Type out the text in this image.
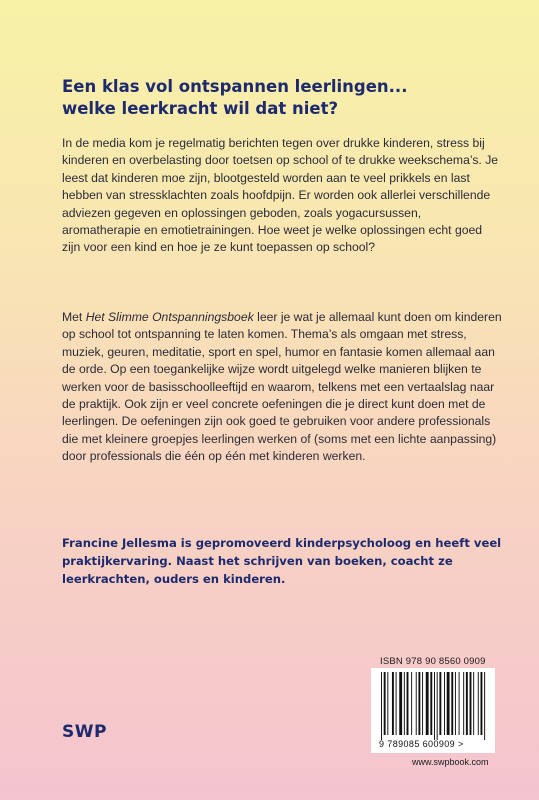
Een klas vol ontspannen leerlingen...
welke leerkracht wil dat niet?

In de media kom je regelmatig berichten tegen over drukke kinderen, stress bij kinderen en overbelasting door toetsen op school of te drukke weekschema’s. Je leest dat kinderen moe zijn, blootgesteld worden aan te veel prikkels en last hebben van stressklachten zoals hoofdpijn. Er worden ook allerlei verschillende adviezen gegeven en oplossingen geboden, zoals yogacursussen, aromatherapie en emotietrainingen. Hoe weet je welke oplossingen echt goed zijn voor een kind en hoe je ze kunt toepassen op school?

Met Het Slimme Ontspanningsboek leer je wat je allemaal kunt doen om kinderen op school tot ontspanning te laten komen. Thema’s als omgaan met stress, muziek, geuren, meditatie, sport en spel, humor en fantasie komen allemaal aan de orde. Op een toegankelijke wijze wordt uitgelegd welke manieren blijken te werken voor de basisschoolleeftijd en waarom, telkens met een vertaalslag naar de praktijk. Ook zijn er veel concrete oefeningen die je direct kunt doen met de leerlingen. De oefeningen zijn ook goed te gebruiken voor andere professionals die met kleinere groepjes leerlingen werken of (soms met een lichte aanpassing) door professionals die één op één met kinderen werken.

Francine Jellesma is gepromoveerd kinderpsycholoog en heeft veel praktijkervaring. Naast het schrijven van boeken, coacht ze leerkrachten, ouders en kinderen.

SWP
ISBN 978 90 8560 0909
9 789085 600909 >
www.swpbook.com
